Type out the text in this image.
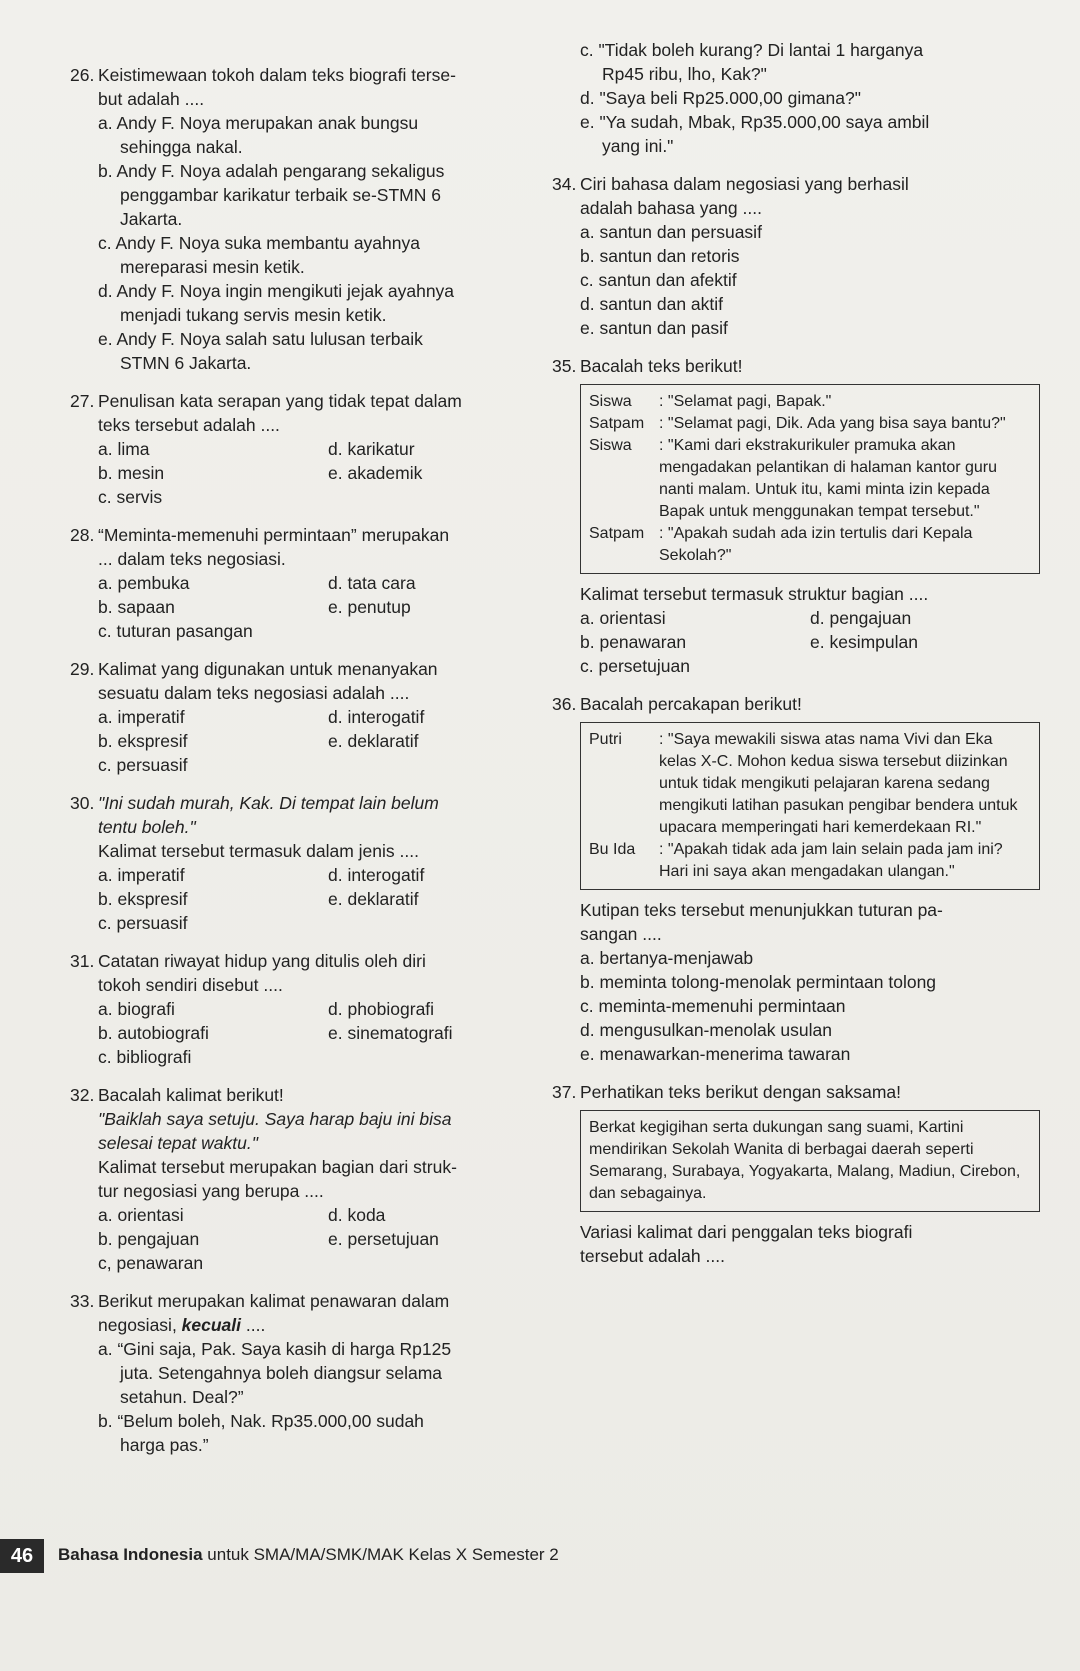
26. Keistimewaan tokoh dalam teks biografi terse-
but adalah ....
a. Andy F. Noya merupakan anak bungsu
sehingga nakal.
b. Andy F. Noya adalah pengarang sekaligus
penggambar karikatur terbaik se-STMN 6
Jakarta.
c. Andy F. Noya suka membantu ayahnya
mereparasi mesin ketik.
d. Andy F. Noya ingin mengikuti jejak ayahnya
menjadi tukang servis mesin ketik.
e. Andy F. Noya salah satu lulusan terbaik
STMN 6 Jakarta.
27. Penulisan kata serapan yang tidak tepat dalam
teks tersebut adalah ....
a. lima	d. karikatur
b. mesin	e. akademik
c. servis
28. “Meminta-memenuhi permintaan” merupakan
... dalam teks negosiasi.
a. pembuka	d. tata cara
b. sapaan	e. penutup
c. tuturan pasangan
29. Kalimat yang digunakan untuk menanyakan
sesuatu dalam teks negosiasi adalah ....
a. imperatif	d. interogatif
b. ekspresif	e. deklaratif
c. persuasif
30. "Ini sudah murah, Kak. Di tempat lain belum
tentu boleh."
Kalimat tersebut termasuk dalam jenis ....
a. imperatif	d. interogatif
b. ekspresif	e. deklaratif
c. persuasif
31. Catatan riwayat hidup yang ditulis oleh diri
tokoh sendiri disebut ....
a. biografi	d. phobiografi
b. autobiografi	e. sinematografi
c. bibliografi
32. Bacalah kalimat berikut!
"Baiklah saya setuju. Saya harap baju ini bisa
selesai tepat waktu."
Kalimat tersebut merupakan bagian dari struk-
tur negosiasi yang berupa ....
a. orientasi	d. koda
b. pengajuan	e. persetujuan
c, penawaran
33. Berikut merupakan kalimat penawaran dalam
negosiasi, kecuali ....
a. “Gini saja, Pak. Saya kasih di harga Rp125
juta. Setengahnya boleh diangsur selama
setahun. Deal?”
b. “Belum boleh, Nak. Rp35.000,00 sudah
harga pas.”
c. "Tidak boleh kurang? Di lantai 1 harganya
Rp45 ribu, lho, Kak?"
d. "Saya beli Rp25.000,00 gimana?"
e. "Ya sudah, Mbak, Rp35.000,00 saya ambil
yang ini."
34. Ciri bahasa dalam negosiasi yang berhasil
adalah bahasa yang ....
a. santun dan persuasif
b. santun dan retoris
c. santun dan afektif
d. santun dan aktif
e. santun dan pasif
35. Bacalah teks berikut!
Siswa	: "Selamat pagi, Bapak."
Satpam : "Selamat pagi, Dik. Ada yang bisa saya bantu?"
Siswa	: "Kami dari ekstrakurikuler pramuka akan mengadakan pelantikan di halaman kantor guru nanti malam. Untuk itu, kami minta izin kepada Bapak untuk menggunakan tempat tersebut."
Satpam : "Apakah sudah ada izin tertulis dari Kepala Sekolah?"
Kalimat tersebut termasuk struktur bagian ....
a. orientasi	d. pengajuan
b. penawaran	e. kesimpulan
c. persetujuan
36. Bacalah percakapan berikut!
Putri	: "Saya mewakili siswa atas nama Vivi dan Eka kelas X-C. Mohon kedua siswa tersebut diizinkan untuk tidak mengikuti pelajaran karena sedang mengikuti latihan pasukan pengibar bendera untuk upacara memperingati hari kemerdekaan RI."
Bu Ida	: "Apakah tidak ada jam lain selain pada jam ini? Hari ini saya akan mengadakan ulangan."
Kutipan teks tersebut menunjukkan tuturan pa-
sangan ....
a. bertanya-menjawab
b. meminta tolong-menolak permintaan tolong
c. meminta-memenuhi permintaan
d. mengusulkan-menolak usulan
e. menawarkan-menerima tawaran
37. Perhatikan teks berikut dengan saksama!
Berkat kegigihan serta dukungan sang suami, Kartini mendirikan Sekolah Wanita di berbagai daerah seperti Semarang, Surabaya, Yogyakarta, Malang, Madiun, Cirebon, dan sebagainya.
Variasi kalimat dari penggalan teks biografi
tersebut adalah ....
46	Bahasa Indonesia untuk SMA/MA/SMK/MAK Kelas X Semester 2
